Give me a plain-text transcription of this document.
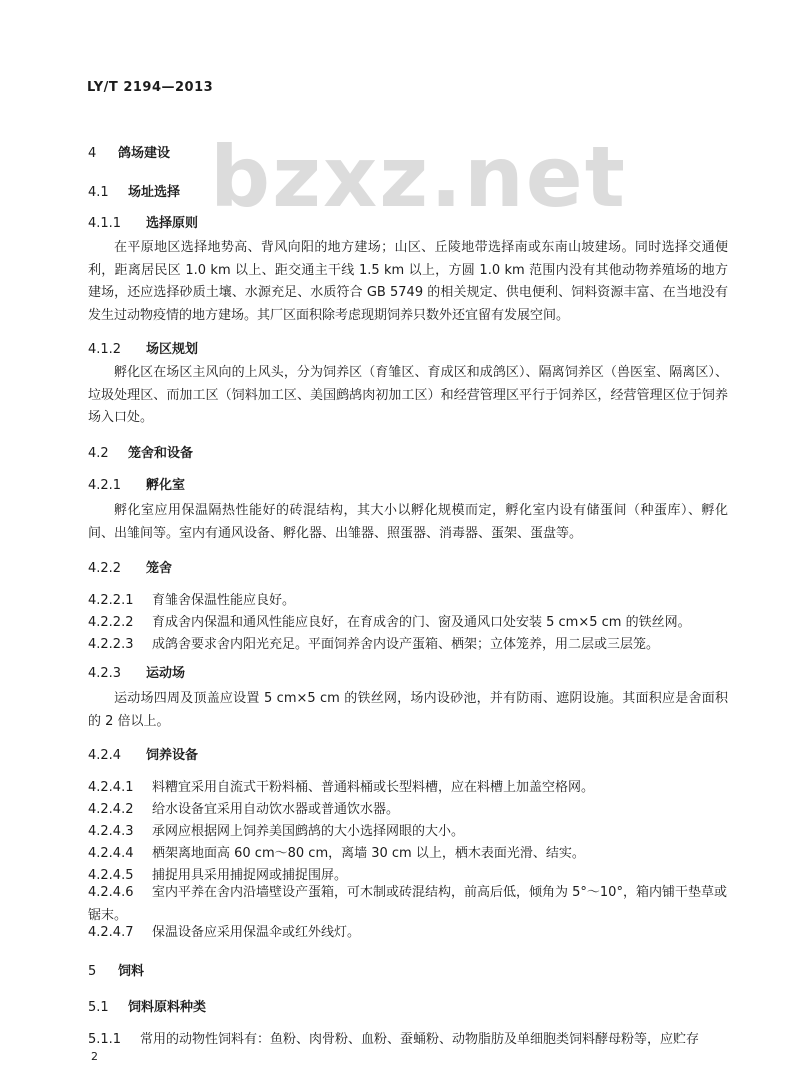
LY/T 2194—2013
bzxz.net
4 鸽场建设
4.1 场址选择
4.1.1 选择原则
在平原地区选择地势高、背风向阳的地方建场；山区、丘陵地带选择南或东南山坡建场。同时选择交通便利，距离居民区 1.0 km 以上、距交通主干线 1.5 km 以上，方圆 1.0 km 范围内没有其他动物养殖场的地方建场，还应选择砂质土壤、水源充足、水质符合 GB 5749 的相关规定、供电便利、饲料资源丰富、在当地没有发生过动物疫情的地方建场。其厂区面积除考虑现期饲养只数外还宜留有发展空间。
4.1.2 场区规划
孵化区在场区主风向的上风头，分为饲养区（育雏区、育成区和成鸽区）、隔离饲养区（兽医室、隔离区）、垃圾处理区、而加工区（饲料加工区、美国鹧鸪肉初加工区）和经营管理区平行于饲养区，经营管理区位于饲养场入口处。
4.2 笼舍和设备
4.2.1 孵化室
孵化室应用保温隔热性能好的砖混结构，其大小以孵化规模而定，孵化室内设有储蛋间（种蛋库）、孵化间、出雏间等。室内有通风设备、孵化器、出雏器、照蛋器、消毒器、蛋架、蛋盘等。
4.2.2 笼舍
4.2.2.1 育雏舍保温性能应良好。
4.2.2.2 育成舍内保温和通风性能应良好，在育成舍的门、窗及通风口处安装 5 cm×5 cm 的铁丝网。
4.2.2.3 成鸽舍要求舍内阳光充足。平面饲养舍内设产蛋箱、栖架；立体笼养，用二层或三层笼。
4.2.3 运动场
运动场四周及顶盖应设置 5 cm×5 cm 的铁丝网，场内设砂池，并有防雨、遮阴设施。其面积应是舍面积的 2 倍以上。
4.2.4 饲养设备
4.2.4.1 料糟宜采用自流式干粉料桶、普通料桶或长型料槽，应在料槽上加盖空格网。
4.2.4.2 给水设备宜采用自动饮水器或普通饮水器。
4.2.4.3 承网应根据网上饲养美国鹧鸪的大小选择网眼的大小。
4.2.4.4 栖架离地面高 60 cm～80 cm，离墙 30 cm 以上，栖木表面光滑、结实。
4.2.4.5 捕捉用具采用捕捉网或捕捉围屏。
4.2.4.6 室内平养在舍内沿墙壁设产蛋箱，可木制或砖混结构，前高后低，倾角为 5°～10°，箱内铺干垫草或锯末。
4.2.4.7 保温设备应采用保温伞或红外线灯。
5 饲料
5.1 饲料原料种类
5.1.1 常用的动物性饲料有：鱼粉、肉骨粉、血粉、蚕蛹粉、动物脂肪及单细胞类饲料酵母粉等，应贮存
2
